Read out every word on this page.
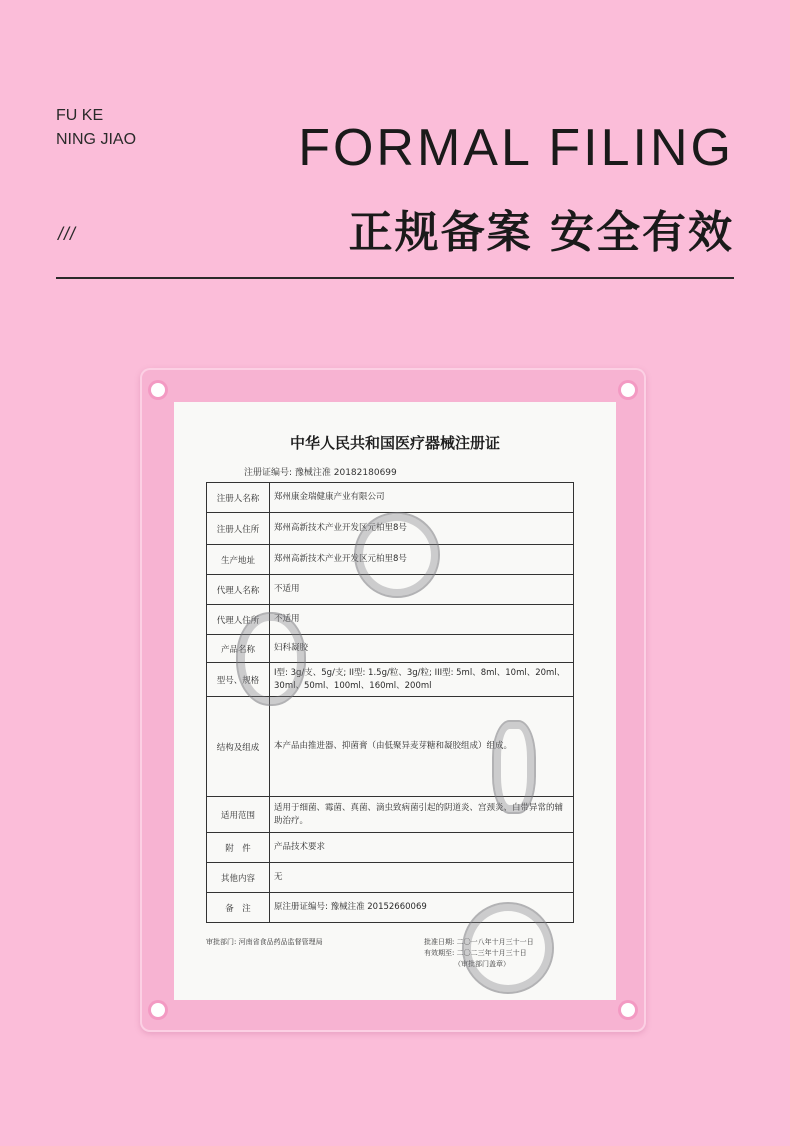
FU KE
NING JIAO
///
FORMAL FILING
正规备案 安全有效
中华人民共和国医疗器械注册证
注册证编号: 豫械注准 20182180699
注册人名称	郑州康金瑞健康产业有限公司
注册人住所	郑州高新技术产业开发区元柏里8号
生产地址	郑州高新技术产业开发区元柏里8号
代理人名称	不适用
代理人住所	不适用
产品名称	妇科凝胶
型号、规格	I型: 3g/支、5g/支; II型: 1.5g/粒、3g/粒; III型: 5ml、8ml、10ml、20ml、30ml、50ml、100ml、160ml、200ml
结构及组成	本产品由推进器、抑菌膏（由低聚异麦芽糖和凝胶组成）组成。
适用范围	适用于细菌、霉菌、真菌、滴虫致病菌引起的阴道炎、宫颈炎、白带异常的辅助治疗。
附　件	产品技术要求
其他内容	无
备　注	原注册证编号: 豫械注准 20152660069
审批部门: 河南省食品药品监督管理局	批准日期: 二〇一八年十月三十一日
有效期至: 二〇二三年十月三十日
（审批部门盖章）
